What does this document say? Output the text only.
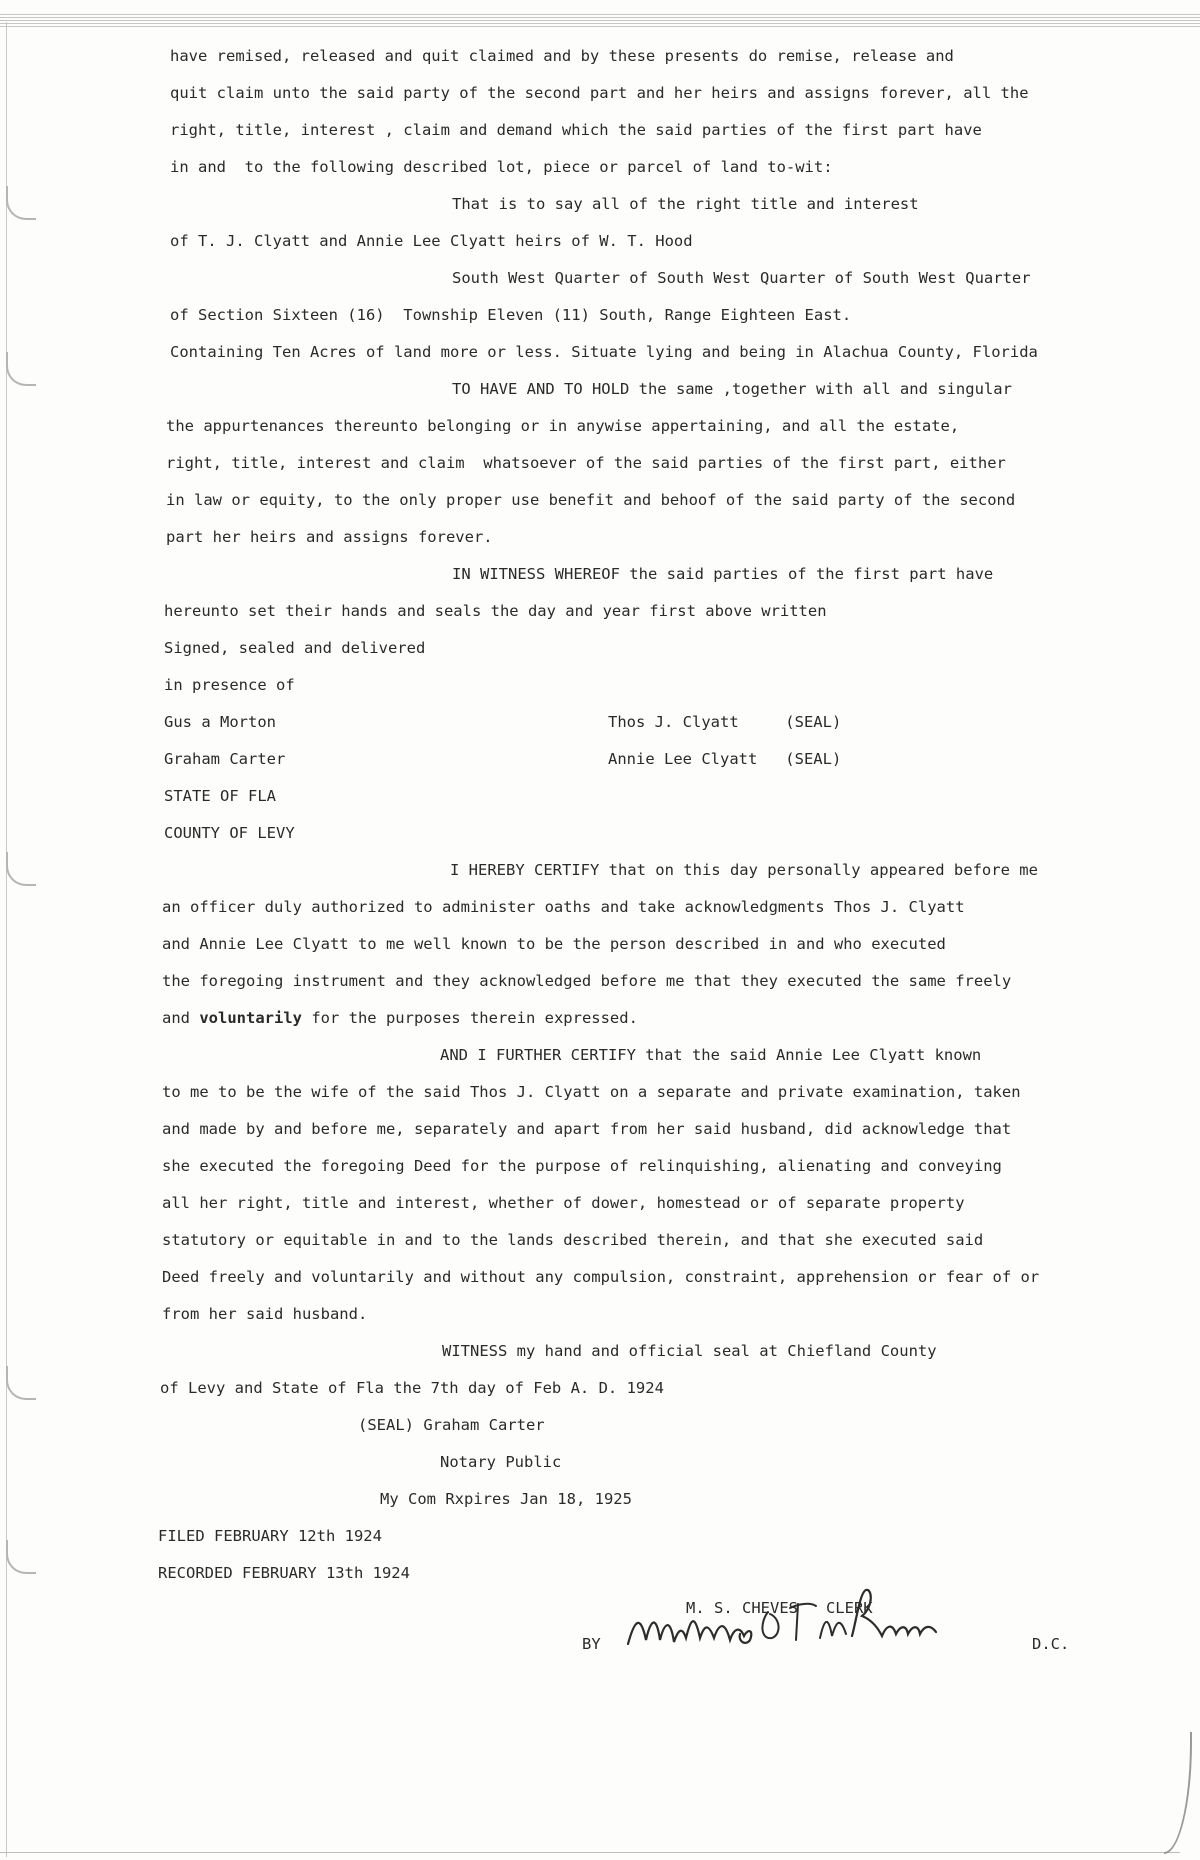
have remised, released and quit claimed and by these presents do remise, release and
quit claim unto the said party of the second part and her heirs and assigns forever, all the
right, title, interest , claim and demand which the said parties of the first part have
in and  to the following described lot, piece or parcel of land to-wit:
That is to say all of the right title and interest
of T. J. Clyatt and Annie Lee Clyatt heirs of W. T. Hood
South West Quarter of South West Quarter of South West Quarter
of Section Sixteen (16)  Township Eleven (11) South, Range Eighteen East.
Containing Ten Acres of land more or less. Situate lying and being in Alachua County, Florida
TO HAVE AND TO HOLD the same ,together with all and singular
the appurtenances thereunto belonging or in anywise appertaining, and all the estate,
right, title, interest and claim  whatsoever of the said parties of the first part, either
in law or equity, to the only proper use benefit and behoof of the said party of the second
part her heirs and assigns forever.
IN WITNESS WHEREOF the said parties of the first part have
hereunto set their hands and seals the day and year first above written
Signed, sealed and delivered
in presence of
Gus a Morton	Thos J. Clyatt     (SEAL)
Graham Carter	Annie Lee Clyatt   (SEAL)
STATE OF FLA
COUNTY OF LEVY
I HEREBY CERTIFY that on this day personally appeared before me
an officer duly authorized to administer oaths and take acknowledgments Thos J. Clyatt
and Annie Lee Clyatt to me well known to be the person described in and who executed
the foregoing instrument and they acknowledged before me that they executed the same freely
and voluntarily for the purposes therein expressed.
AND I FURTHER CERTIFY that the said Annie Lee Clyatt known
to me to be the wife of the said Thos J. Clyatt on a separate and private examination, taken
and made by and before me, separately and apart from her said husband, did acknowledge that
she executed the foregoing Deed for the purpose of relinquishing, alienating and conveying
all her right, title and interest, whether of dower, homestead or of separate property
statutory or equitable in and to the lands described therein, and that she executed said
Deed freely and voluntarily and without any compulsion, constraint, apprehension or fear of or
from her said husband.
WITNESS my hand and official seal at Chiefland County
of Levy and State of Fla the 7th day of Feb A. D. 1924
(SEAL) Graham Carter
Notary Public
My Com Rxpires Jan 18, 1925
FILED FEBRUARY 12th 1924
RECORDED FEBRUARY 13th 1924
M. S. CHEVES   CLERK
BY	D.C.
